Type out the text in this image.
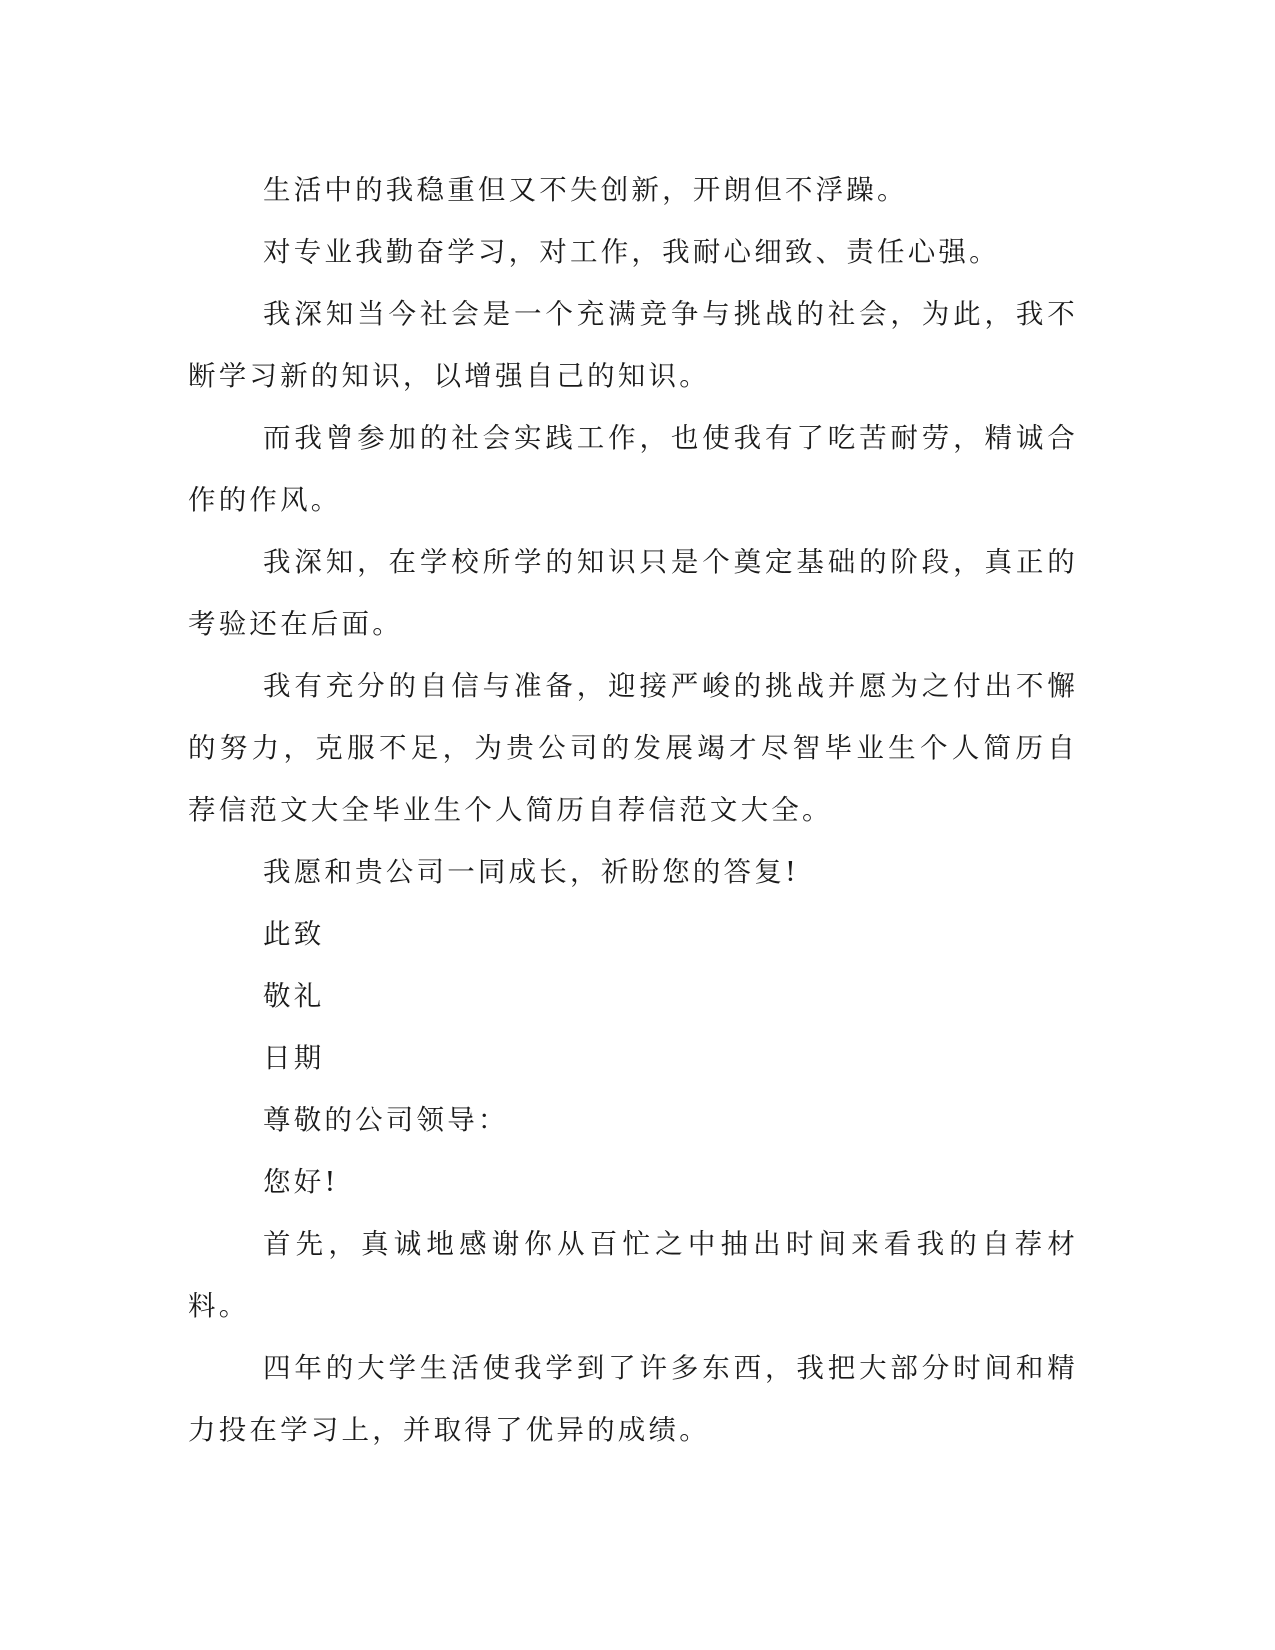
生活中的我稳重但又不失创新，开朗但不浮躁。

对专业我勤奋学习，对工作，我耐心细致、责任心强。

我深知当今社会是一个充满竞争与挑战的社会，为此，我不断学习新的知识，以增强自己的知识。

而我曾参加的社会实践工作，也使我有了吃苦耐劳，精诚合作的作风。

我深知，在学校所学的知识只是个奠定基础的阶段，真正的考验还在后面。

我有充分的自信与准备，迎接严峻的挑战并愿为之付出不懈的努力，克服不足，为贵公司的发展竭才尽智毕业生个人简历自荐信范文大全毕业生个人简历自荐信范文大全。

我愿和贵公司一同成长，祈盼您的答复!

此致

敬礼

日期

尊敬的公司领导：

您好!

首先，真诚地感谢你从百忙之中抽出时间来看我的自荐材料。

四年的大学生活使我学到了许多东西，我把大部分时间和精力投在学习上，并取得了优异的成绩。
